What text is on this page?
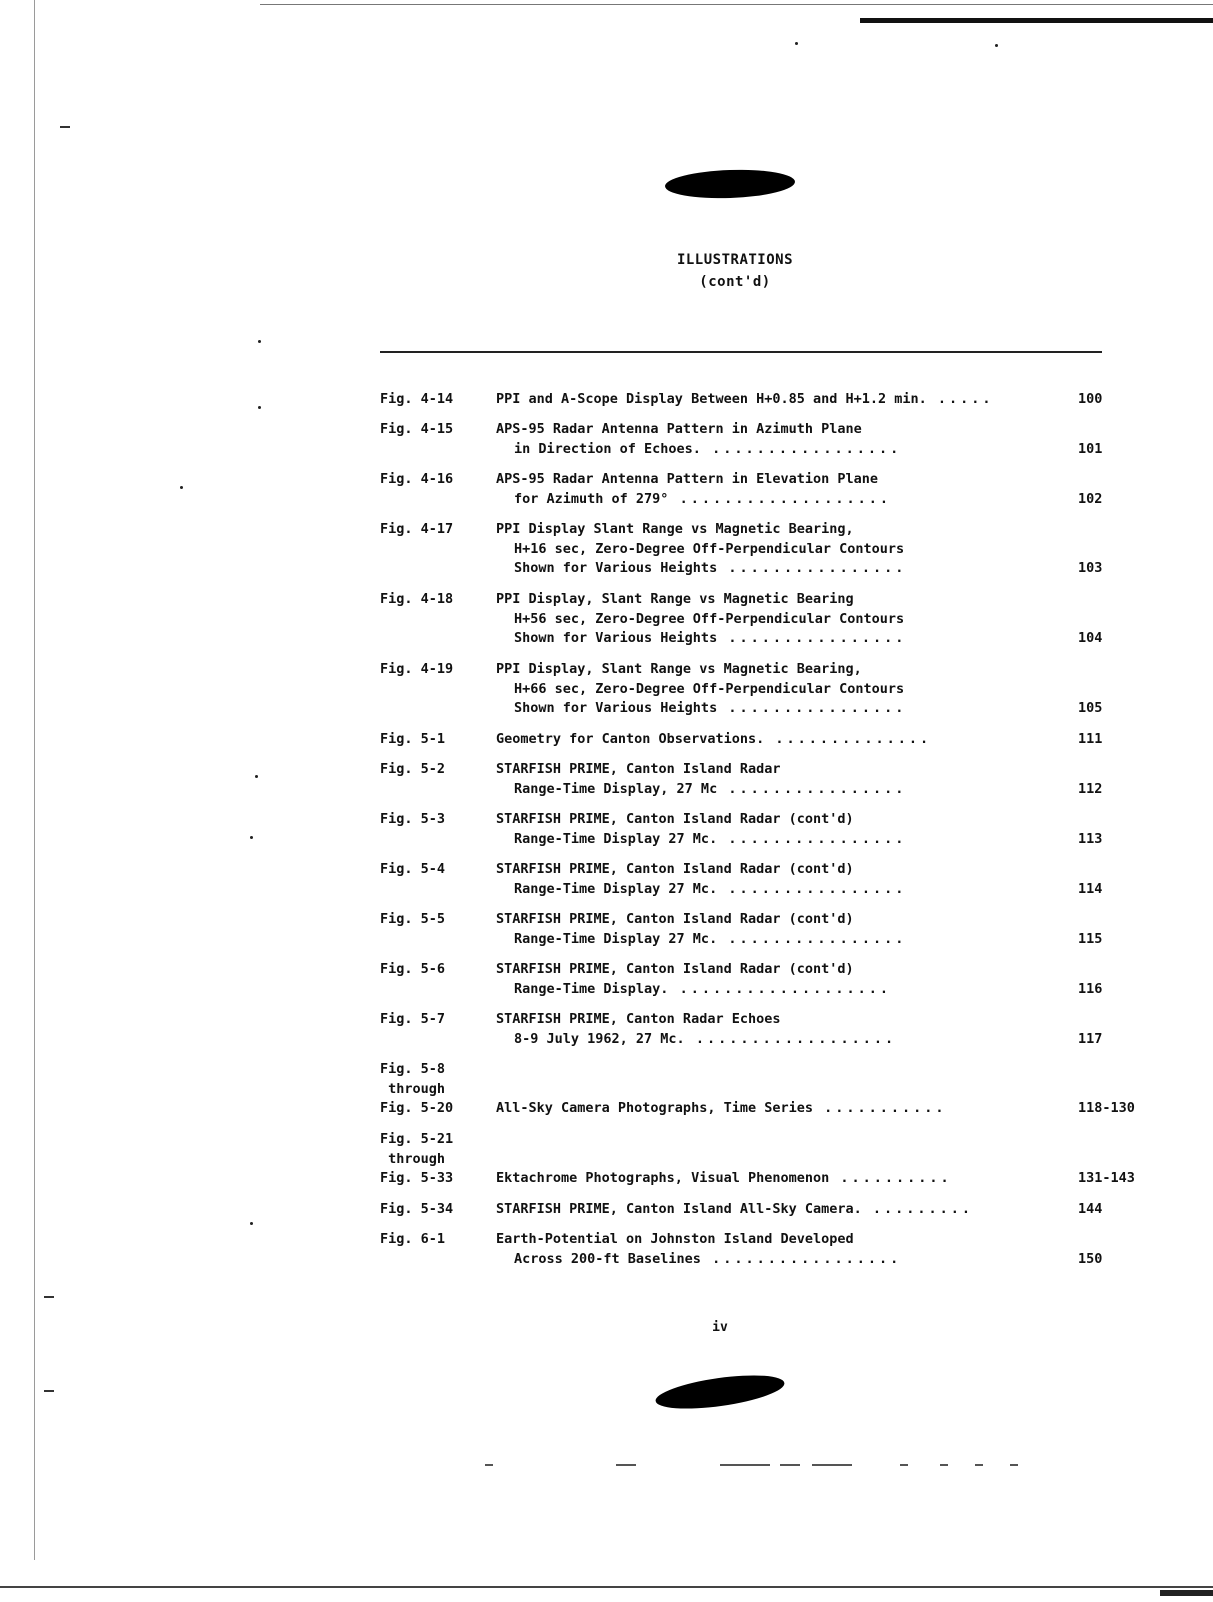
ILLUSTRATIONS
(cont'd)
Fig. 4-14	PPI and A-Scope Display Between H+0.85 and H+1.2 min. .....	100
Fig. 4-15	APS-95 Radar Antenna Pattern in Azimuth Plane
in Direction of Echoes. .................	101
Fig. 4-16	APS-95 Radar Antenna Pattern in Elevation Plane
for Azimuth of 279° ...................	102
Fig. 4-17	PPI Display Slant Range vs Magnetic Bearing,
H+16 sec, Zero-Degree Off-Perpendicular Contours
Shown for Various Heights ................	103
Fig. 4-18	PPI Display, Slant Range vs Magnetic Bearing
H+56 sec, Zero-Degree Off-Perpendicular Contours
Shown for Various Heights ................	104
Fig. 4-19	PPI Display, Slant Range vs Magnetic Bearing,
H+66 sec, Zero-Degree Off-Perpendicular Contours
Shown for Various Heights ................	105
Fig. 5-1	Geometry for Canton Observations. ..............	111
Fig. 5-2	STARFISH PRIME, Canton Island Radar
Range-Time Display, 27 Mc ................	112
Fig. 5-3	STARFISH PRIME, Canton Island Radar (cont'd)
Range-Time Display 27 Mc. ................	113
Fig. 5-4	STARFISH PRIME, Canton Island Radar (cont'd)
Range-Time Display 27 Mc. ................	114
Fig. 5-5	STARFISH PRIME, Canton Island Radar (cont'd)
Range-Time Display 27 Mc. ................	115
Fig. 5-6	STARFISH PRIME, Canton Island Radar (cont'd)
Range-Time Display. ...................	116
Fig. 5-7	STARFISH PRIME, Canton Radar Echoes
8-9 July 1962, 27 Mc. ..................	117
Fig. 5-8
through
Fig. 5-20	All-Sky Camera Photographs, Time Series ...........	118-130
Fig. 5-21
through
Fig. 5-33	Ektachrome Photographs, Visual Phenomenon ..........	131-143
Fig. 5-34	STARFISH PRIME, Canton Island All-Sky Camera. .........	144
Fig. 6-1	Earth-Potential on Johnston Island Developed
Across 200-ft Baselines .................	150
iv
